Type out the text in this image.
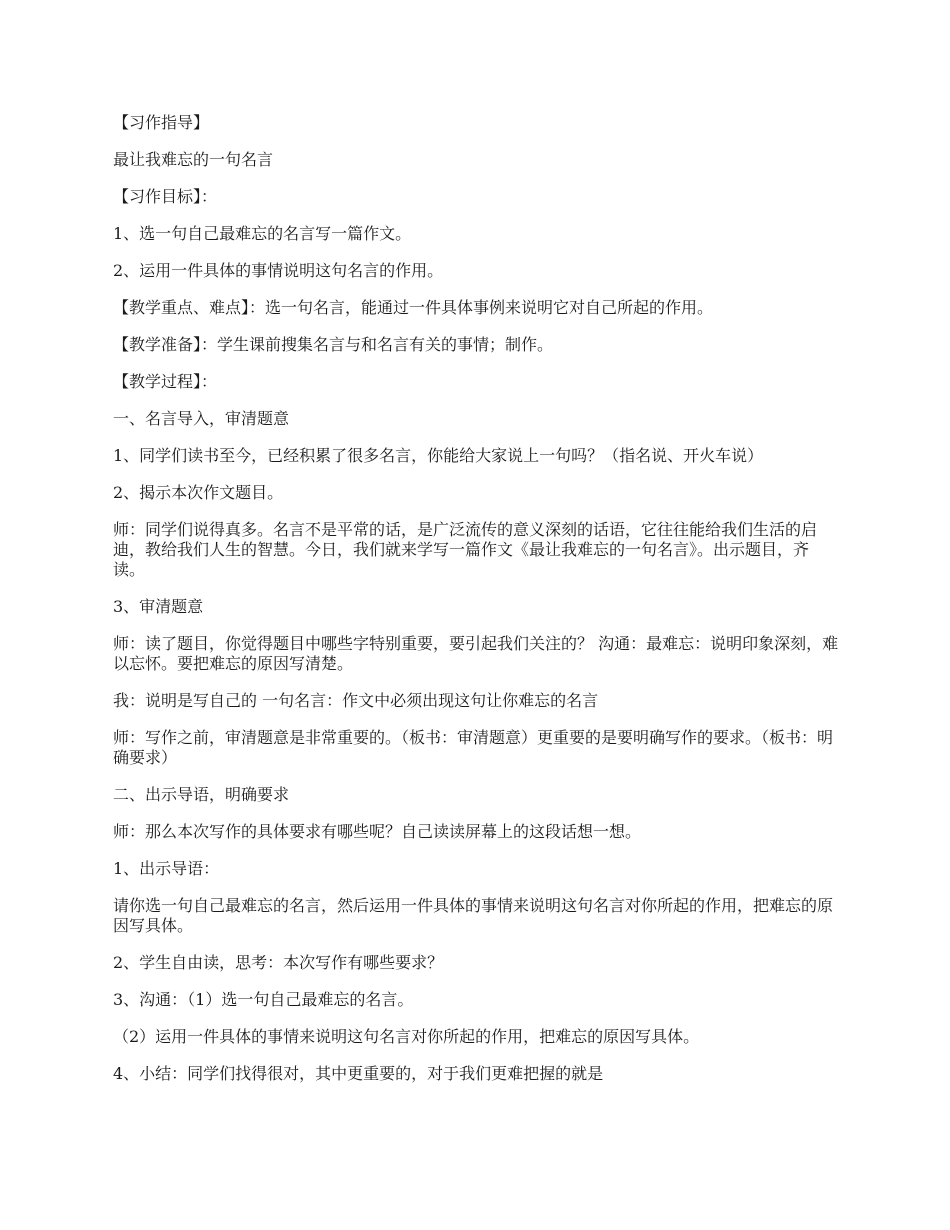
【习作指导】

最让我难忘的一句名言

【习作目标】：

1、选一句自己最难忘的名言写一篇作文。

2、运用一件具体的事情说明这句名言的作用。

【教学重点、难点】：选一句名言，能通过一件具体事例来说明它对自己所起的作用。

【教学准备】：学生课前搜集名言与和名言有关的事情；制作。

【教学过程】：

一、名言导入，审清题意

1、同学们读书至今，已经积累了很多名言，你能给大家说上一句吗？（指名说、开火车说）

2、揭示本次作文题目。

师：同学们说得真多。名言不是平常的话，是广泛流传的意义深刻的话语，它往往能给我们生活的启迪，教给我们人生的智慧。今日，我们就来学写一篇作文《最让我难忘的一句名言》。出示题目，齐读。

3、审清题意

师：读了题目，你觉得题目中哪些字特别重要，要引起我们关注的？ 沟通：最难忘：说明印象深刻，难以忘怀。要把难忘的原因写清楚。

我：说明是写自己的 一句名言：作文中必须出现这句让你难忘的名言

师：写作之前，审清题意是非常重要的。（板书：审清题意）更重要的是要明确写作的要求。（板书：明确要求）

二、出示导语，明确要求

师：那么本次写作的具体要求有哪些呢？自己读读屏幕上的这段话想一想。

1、出示导语：

请你选一句自己最难忘的名言，然后运用一件具体的事情来说明这句名言对你所起的作用，把难忘的原因写具体。

2、学生自由读，思考：本次写作有哪些要求？

3、沟通：（1）选一句自己最难忘的名言。

（2）运用一件具体的事情来说明这句名言对你所起的作用，把难忘的原因写具体。

4、小结：同学们找得很对，其中更重要的，对于我们更难把握的就是
